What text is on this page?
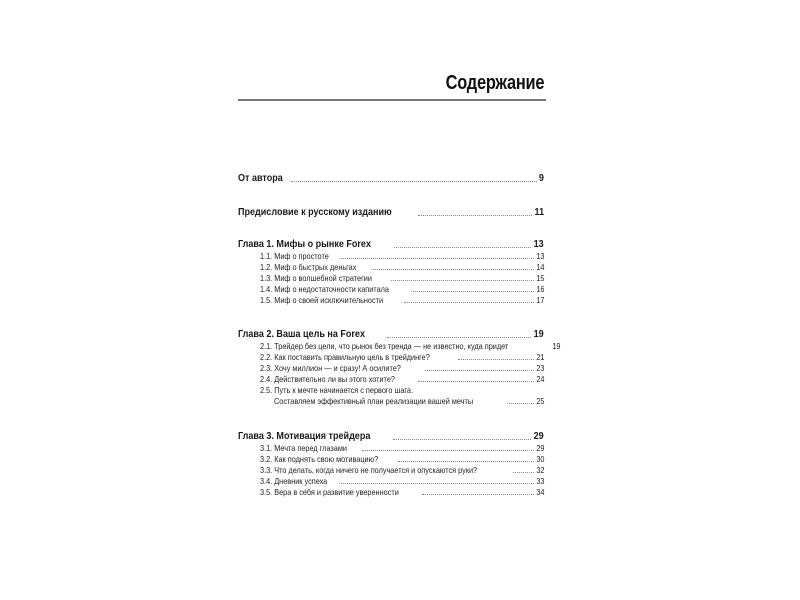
Содержание
От автора	9
Предисловие к русскому изданию	11
Глава 1. Мифы о рынке Forex	13
1.1. Миф о простоте	13
1.2. Миф о быстрых деньгах	14
1.3. Миф о волшебной стратегии	15
1.4. Миф о недостаточности капитала	16
1.5. Миф о своей исключительности	17
Глава 2. Ваша цель на Forex	19
2.1. Трейдер без цели, что рынок без тренда — не известно, куда придет	19
2.2. Как поставить правильную цель в трейдинге?	21
2.3. Хочу миллион — и сразу! А осилите?	23
2.4. Действительно ли вы этого хотите?	24
2.5. Путь к мечте начинается с первого шага.
Составляем эффективный план реализации вашей мечты	25
Глава 3. Мотивация трейдера	29
3.1. Мечта перед глазами	29
3.2. Как поднять свою мотивацию?	30
3.3. Что делать, когда ничего не получается и опускаются руки?	32
3.4. Дневник успеха	33
3.5. Вера в себя и развитие уверенности	34
